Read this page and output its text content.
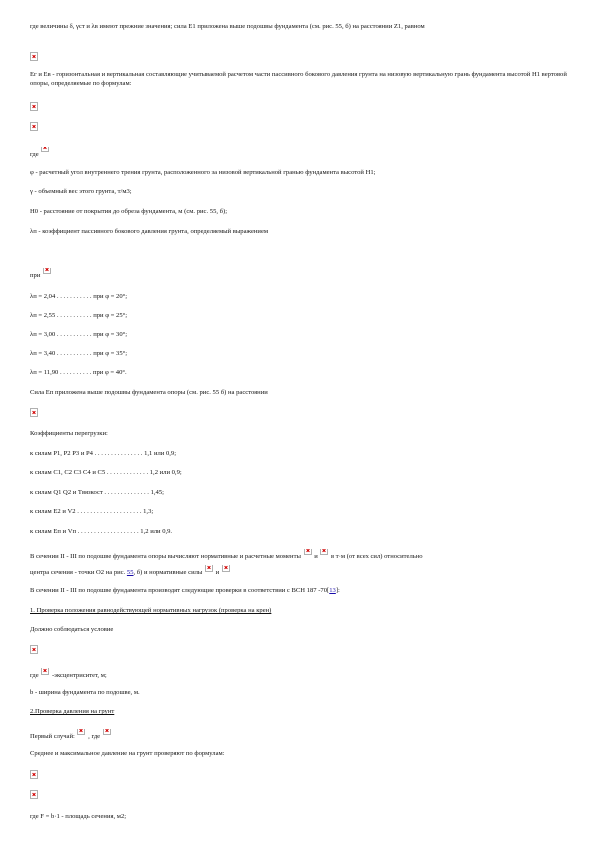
где величины δ, γст и λв имеют прежние значения; сила E1 приложена выше подошвы фундамента (см. рис. 55, б) на расстоянии Z1, равном
Eг и Eв - горизонтальная и вертикальная составляющие учитываемой расчетом части пассивного бокового давления грунта на низовую вертикальную грань фундамента высотой H1 вертовой опоры, определяемые по формулам:
где
φ - расчетный угол внутреннего трения грунта, расположенного за низовой вертикальной гранью фундамента высотой H1;
γ - объемный вес этого грунта, т/м3;
H0 - расстояние от покрытия до обреза фундамента, м (см. рис. 55, б);
λп - коэффициент пассивного бокового давления грунта, определяемый выражением
при
λп = 2,04 . . . . . . . . . . . при φ = 20°;
λп = 2,55 . . . . . . . . . . . при φ = 25°;
λп = 3,00 . . . . . . . . . . . при φ = 30°;
λп = 3,40 . . . . . . . . . . . при φ = 35°;
λп = 11,90 . . . . . . . . . . при φ = 40°.
Сила Eп приложена выше подошвы фундамента опоры (см. рис. 55 б) на расстоянии
Коэффициенты перегрузки:
к силам P1, P2 P3 и P4 . . . . . . . . . . . . . . . 1,1 или 0,9;
к силам C1, C2 C3 C4 и C5 . . . . . . . . . . . . . 1,2 или 0,9;
к силам Q1 Q2 и Tвязкост . . . . . . . . . . . . . . 1,45;
к силам E2 и V2 . . . . . . . . . . . . . . . . . . . . 1,3;
к силам Eп и Vп . . . . . . . . . . . . . . . . . . . 1,2 или 0,9.
В сечении II - III по подошве фундамента опоры вычисляют нормативные и расчетные моменты и в т·м (от всех сил) относительно
центра сечения - точки O2 на рис. 55, б) и нормативные силы и
В сечении II - III по подошве фундамента производят следующие проверки в соответствии с ВСН 187 -70[13]:
1. Проверка положения равнодействующей нормативных нагрузок (проверка на крен)
Должно соблюдаться условие
где -эксцентриситет, м;
b - ширина фундамента по подошве, м.
2.Проверка давления на грунт
Первый случай: , где
Среднее и максимальное давление на грунт проверяют по формулам:
где F = b·1 - площадь сечения, м2;
